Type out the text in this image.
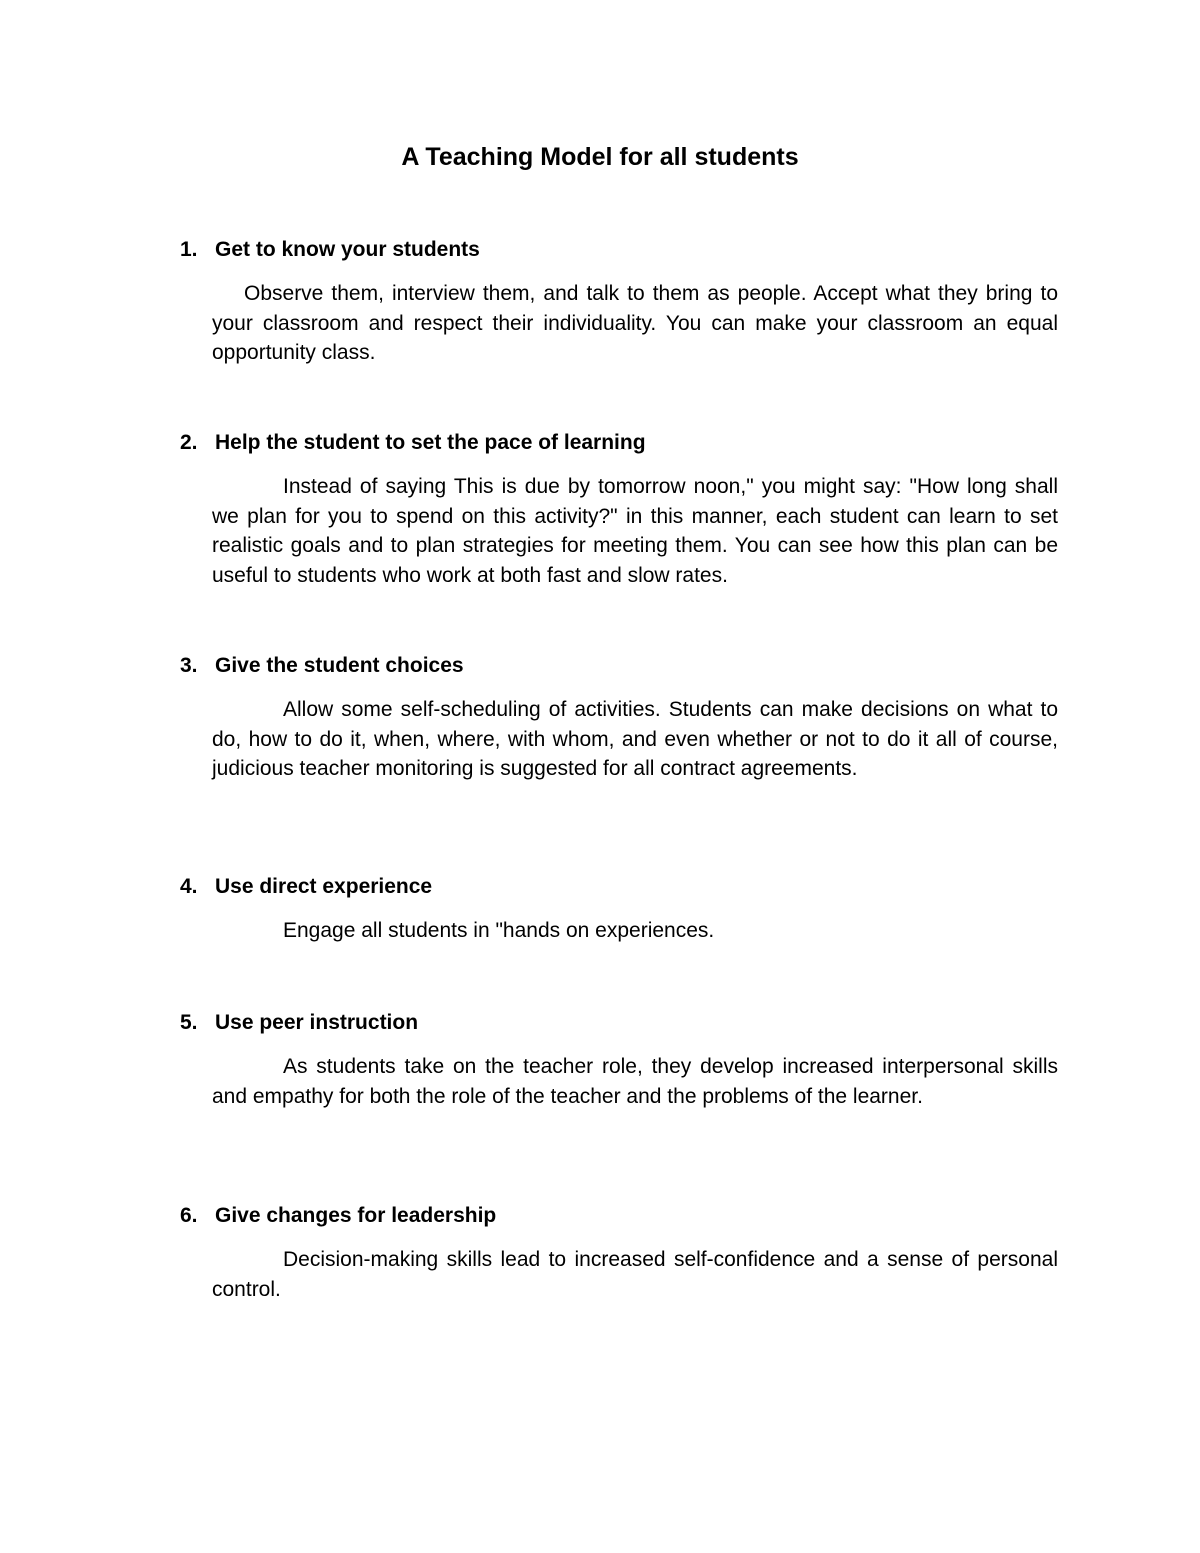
A Teaching Model for all students
1. Get to know your students
Observe them, interview them, and talk to them as people. Accept what they bring to your classroom and respect their individuality. You can make your classroom an equal opportunity class.
2. Help the student to set the pace of learning
Instead of saying This is due by tomorrow noon," you might say: "How long shall we plan for you to spend on this activity?" in this manner, each student can learn to set realistic goals and to plan strategies for meeting them. You can see how this plan can be useful to students who work at both fast and slow rates.
3. Give the student choices
Allow some self-scheduling of activities. Students can make decisions on what to do, how to do it, when, where, with whom, and even whether or not to do it all of course, judicious teacher monitoring is suggested for all contract agreements.
4. Use direct experience
Engage all students in "hands on experiences.
5. Use peer instruction
As students take on the teacher role, they develop increased interpersonal skills and empathy for both the role of the teacher and the problems of the learner.
6. Give changes for leadership
Decision-making skills lead to increased self-confidence and a sense of personal control.
